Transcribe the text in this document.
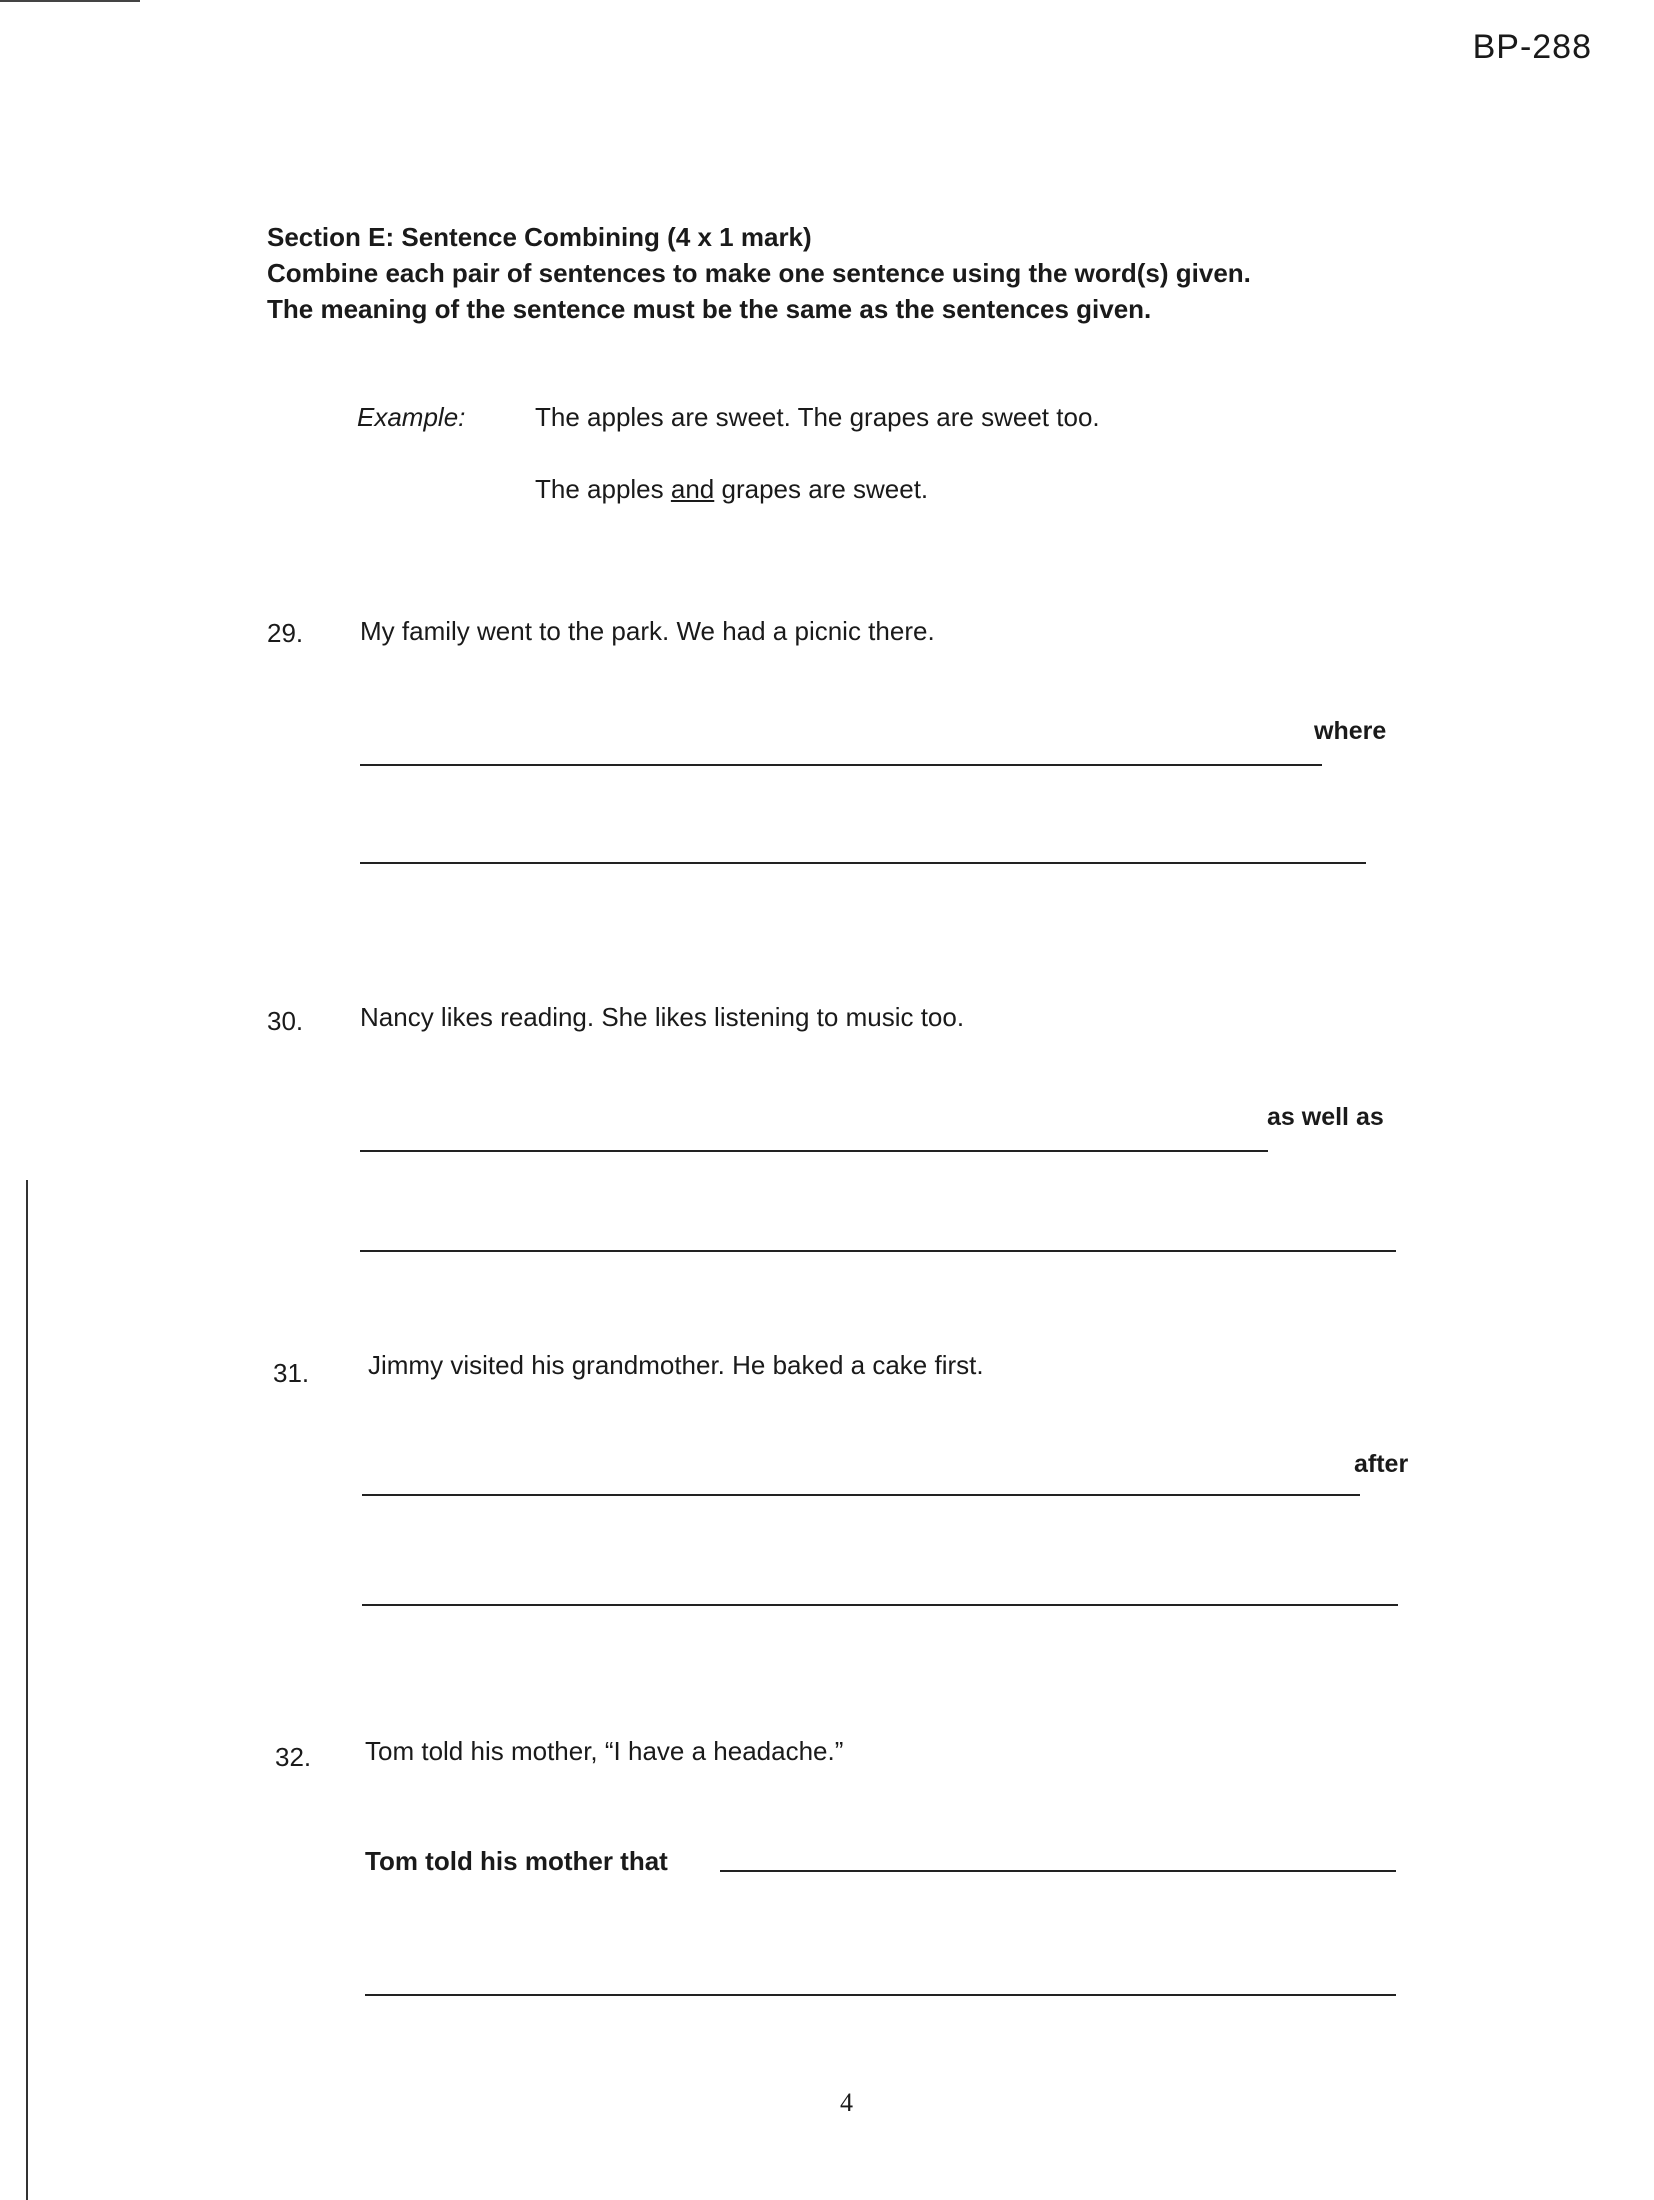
BP-288
Section E: Sentence Combining (4 x 1 mark)
Combine each pair of sentences to make one sentence using the word(s) given.
The meaning of the sentence must be the same as the sentences given.
Example:	The apples are sweet. The grapes are sweet too.
The apples and grapes are sweet.
29. My family went to the park. We had a picnic there.
where
30. Nancy likes reading. She likes listening to music too.
as well as
31. Jimmy visited his grandmother. He baked a cake first.
after
32. Tom told his mother, “I have a headache.”
Tom told his mother that
4
